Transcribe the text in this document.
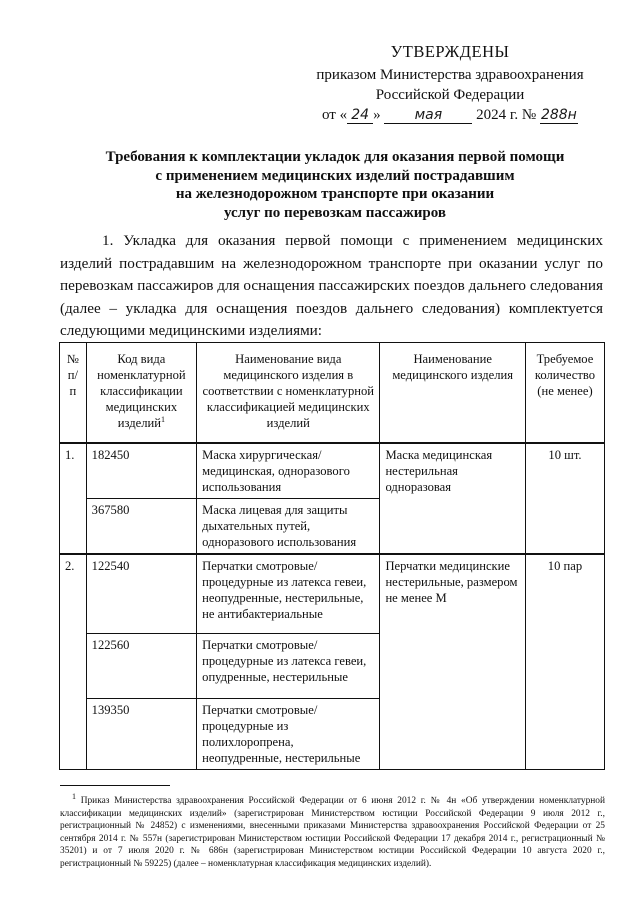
УТВЕРЖДЕНЫ
приказом Министерства здравоохранения
Российской Федерации
от « 24 » мая 2024 г. № 288н
Требования к комплектации укладок для оказания первой помощи
с применением медицинских изделий пострадавшим
на железнодорожном транспорте при оказании
услуг по перевозкам пассажиров
1. Укладка для оказания первой помощи с применением медицинских изделий пострадавшим на железнодорожном транспорте при оказании услуг по перевозкам пассажиров для оснащения пассажирских поездов дальнего следования (далее – укладка для оснащения поездов дальнего следования) комплектуется следующими медицинскими изделиями:
№ п/п	Код вида номенклатурной классификации медицинских изделий$^1$	Наименование вида медицинского изделия в соответствии с номенклатурной классификацией медицинских изделий	Наименование медицинского изделия	Требуемое количество (не менее)
1.	182450	Маска хирургическая/ медицинская, одноразового использования	Маска медицинская нестерильная одноразовая	10 шт.
	367580	Маска лицевая для защиты дыхательных путей, одноразового использования		
2.	122540	Перчатки смотровые/ процедурные из латекса гевеи, неопудренные, нестерильные, не антибактериальные	Перчатки медицинские нестерильные, размером не менее M	10 пар
	122560	Перчатки смотровые/ процедурные из латекса гевеи, опудренные, нестерильные		
	139350	Перчатки смотровые/ процедурные из полихлоропрена, неопудренные, нестерильные		
$^1$ Приказ Министерства здравоохранения Российской Федерации от 6 июня 2012 г. № 4н «Об утверждении номенклатурной классификации медицинских изделий» (зарегистрирован Министерством юстиции Российской Федерации 9 июля 2012 г., регистрационный № 24852) с изменениями, внесенными приказами Министерства здравоохранения Российской Федерации от 25 сентября 2014 г. № 557н (зарегистрирован Министерством юстиции Российской Федерации 17 декабря 2014 г., регистрационный № 35201) и от 7 июля 2020 г. № 686н (зарегистрирован Министерством юстиции Российской Федерации 10 августа 2020 г., регистрационный № 59225) (далее – номенклатурная классификация медицинских изделий).
